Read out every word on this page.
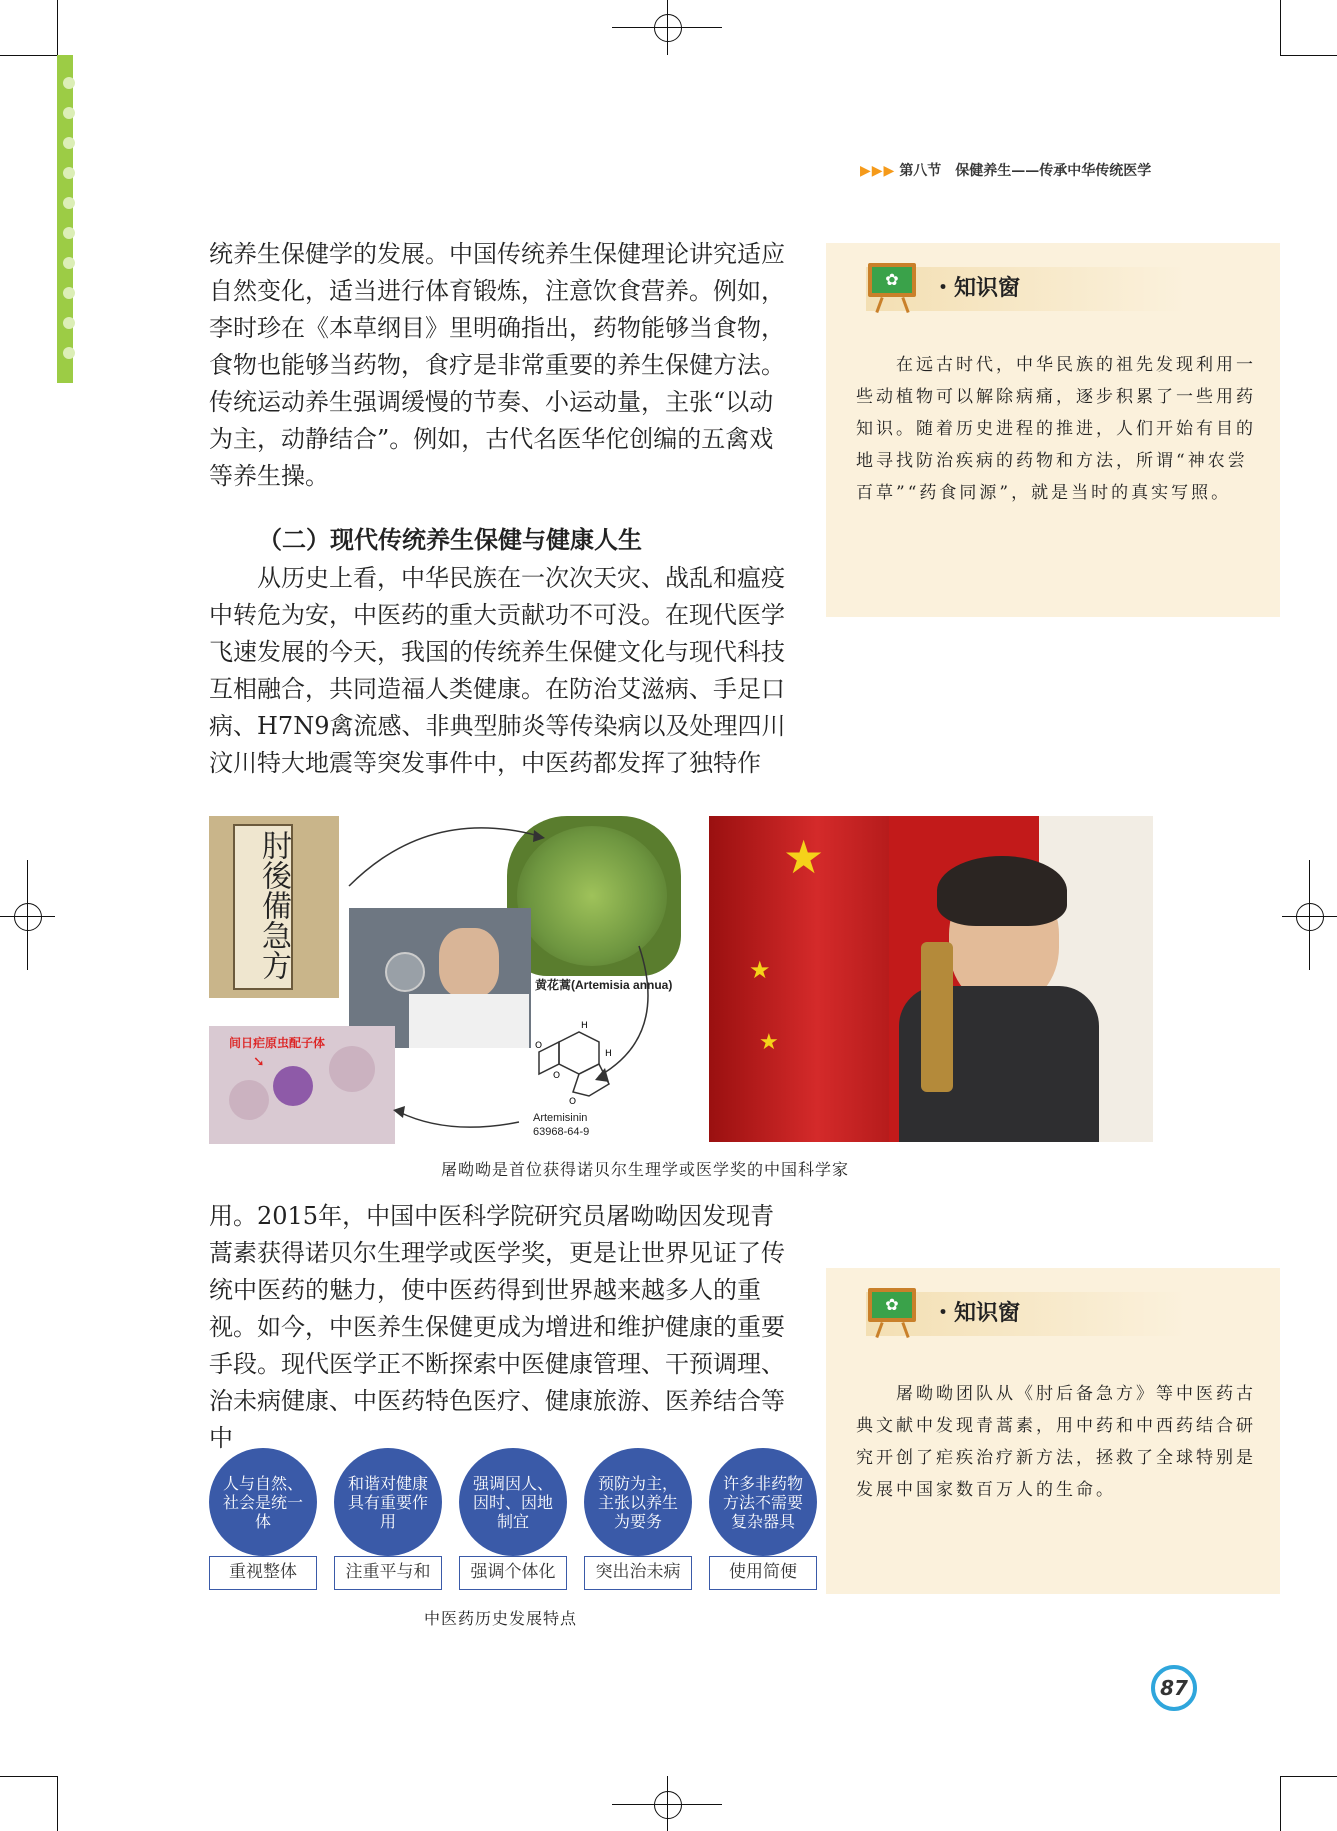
▶▶▶ 第八节　保健养生——传承中华传统医学

统养生保健学的发展。中国传统养生保健理论讲究适应自然变化，适当进行体育锻炼，注意饮食营养。例如，李时珍在《本草纲目》里明确指出，药物能够当食物，食物也能够当药物，食疗是非常重要的养生保健方法。传统运动养生强调缓慢的节奏、小运动量，主张“以动为主，动静结合”。例如，古代名医华佗创编的五禽戏等养生操。

（二）现代传统养生保健与健康人生

从历史上看，中华民族在一次次天灾、战乱和瘟疫中转危为安，中医药的重大贡献功不可没。在现代医学飞速发展的今天，我国的传统养生保健文化与现代科技互相融合，共同造福人类健康。在防治艾滋病、手足口病、H7N9禽流感、非典型肺炎等传染病以及处理四川汶川特大地震等突发事件中，中医药都发挥了独特作

✿	・知识窗

在远古时代，中华民族的祖先发现利用一些动植物可以解除病痛，逐步积累了一些用药知识。随着历史进程的推进，人们开始有目的地寻找防治疾病的药物和方法，所谓“神农尝百草”“药食同源”，就是当时的真实写照。

肘後備急方
黄花蒿(Artemisia annua)
➘
间日疟原虫配子体
H
H
O
O
O
Artemisinin
63968-64-9
★
★
★
屠呦呦是首位获得诺贝尔生理学或医学奖的中国科学家

用。2015年，中国中医科学院研究员屠呦呦因发现青蒿素获得诺贝尔生理学或医学奖，更是让世界见证了传统中医药的魅力，使中医药得到世界越来越多人的重视。如今，中医养生保健更成为增进和维护健康的重要手段。现代医学正不断探索中医健康管理、干预调理、治未病健康、中医药特色医疗、健康旅游、医养结合等中

✿	・知识窗

屠呦呦团队从《肘后备急方》等中医药古典文献中发现青蒿素，用中药和中西药结合研究开创了疟疾治疗新方法，拯救了全球特别是发展中国家数百万人的生命。

人与自然、社会是统一体
和谐对健康具有重要作用
强调因人、因时、因地制宜
预防为主，主张以养生为要务
许多非药物方法不需要复杂器具
重视整体	注重平与和	强调个体化	突出治未病	使用简便
中医药历史发展特点
87
